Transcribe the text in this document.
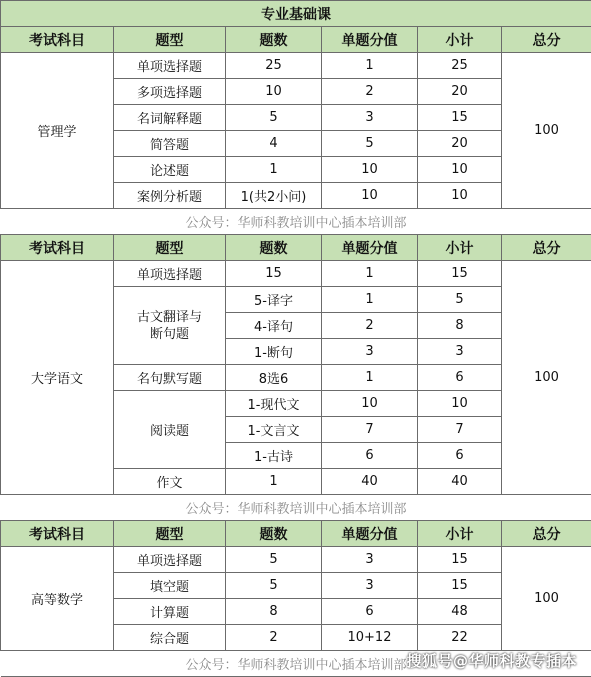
专业基础课					
考试科目	题型	题数	单题分值	小计	总分
管理学	单项选择题	25	1	25	100
	多项选择题	10	2	20	
	名词解释题	5	3	15	
	简答题	4	5	20	
	论述题	1	10	10	
	案例分析题	1(共2小问)	10	10	
公众号：华师科教培训中心插本培训部					
考试科目	题型	题数	单题分值	小计	总分
大学语文	单项选择题	15	1	15	100
	古文翻译与断句题	5-译字	1	5	
		4-译句	2	8	
		1-断句	3	3	
	名句默写题	8选6	1	6	
	阅读题	1-现代文	10	10	
		1-文言文	7	7	
		1-古诗	6	6	
	作文	1	40	40	
公众号：华师科教培训中心插本培训部					
考试科目	题型	题数	单题分值	小计	总分
高等数学	单项选择题	5	3	15	100
	填空题	5	3	15	
	计算题	8	6	48	
	综合题	2	10+12	22	
公众号：华师科教培训中心插本培训部					搜狐号@华师科教专插本
